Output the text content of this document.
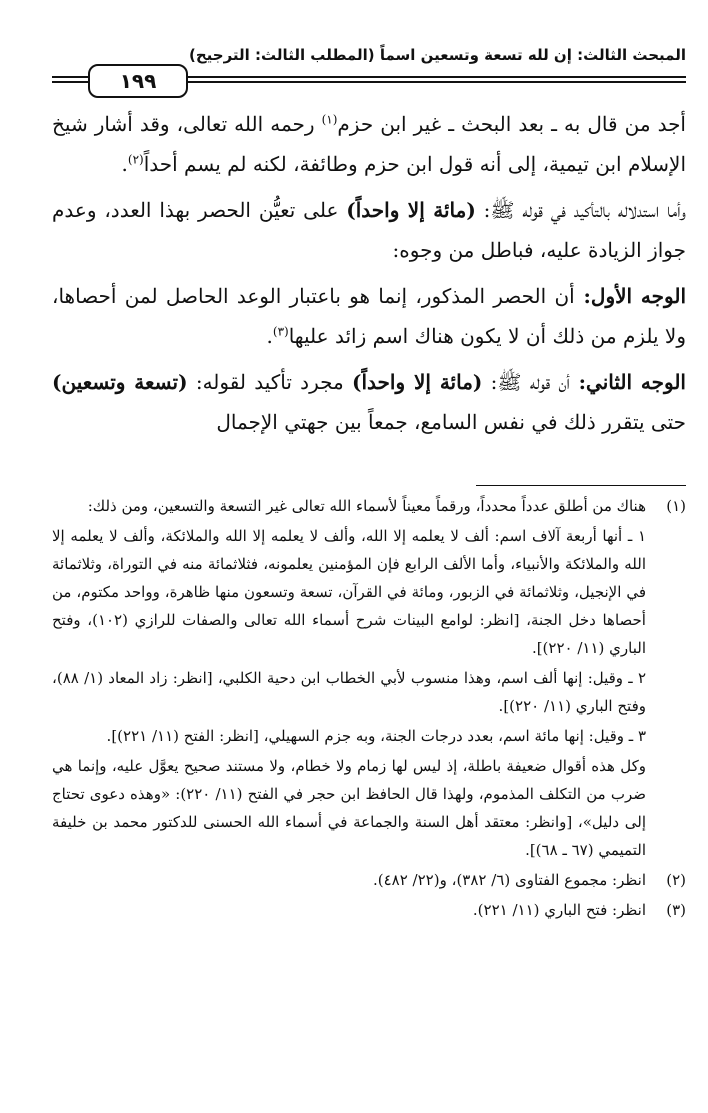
المبحث الثالث: إن لله تسعة وتسعين اسماً (المطلب الثالث: الترجيح)
١٩٩

أجد من قال به ـ بعد البحث ـ غير ابن حزم$^{(١)}$ رحمه الله تعالى، وقد أشار شيخ الإسلام ابن تيمية، إلى أنه قول ابن حزم وطائفة، لكنه لم يسم أحداً$^{(٢)}$.

وأما استدلاله بالتأكيد في قوله ﷺ: (مائة إلا واحداً) على تعيُّن الحصر بهذا العدد، وعدم جواز الزيادة عليه، فباطل من وجوه:

الوجه الأول: أن الحصر المذكور، إنما هو باعتبار الوعد الحاصل لمن أحصاها، ولا يلزم من ذلك أن لا يكون هناك اسم زائد عليها$^{(٣)}$.

الوجه الثاني: أن قوله ﷺ: (مائة إلا واحداً) مجرد تأكيد لقوله: (تسعة وتسعين) حتى يتقرر ذلك في نفس السامع، جمعاً بين جهتي الإجمال

(١)

هناك من أطلق عدداً محدداً، ورقماً معيناً لأسماء الله تعالى غير التسعة والتسعين، ومن ذلك:

١ ـ أنها أربعة آلاف اسم: ألف لا يعلمه إلا الله، وألف لا يعلمه إلا الله والملائكة، وألف لا يعلمه إلا الله والملائكة والأنبياء، وأما الألف الرابع فإن المؤمنين يعلمونه، فثلاثمائة منه في التوراة، وثلاثمائة في الإنجيل، وثلاثمائة في الزبور، ومائة في القرآن، تسعة وتسعون منها ظاهرة، وواحد مكتوم، من أحصاها دخل الجنة، [انظر: لوامع البينات شرح أسماء الله تعالى والصفات للرازي (١٠٢)، وفتح الباري (١١/ ٢٢٠)].

٢ ـ وقيل: إنها ألف اسم، وهذا منسوب لأبي الخطاب ابن دحية الكلبي، [انظر: زاد المعاد (١/ ٨٨)، وفتح الباري (١١/ ٢٢٠)].

٣ ـ وقيل: إنها مائة اسم، بعدد درجات الجنة، وبه جزم السهيلي، [انظر: الفتح (١١/ ٢٢١)].

وكل هذه أقوال ضعيفة باطلة، إذ ليس لها زمام ولا خطام، ولا مستند صحيح يعوَّل عليه، وإنما هي ضرب من التكلف المذموم، ولهذا قال الحافظ ابن حجر في الفتح (١١/ ٢٢٠): «وهذه دعوى تحتاج إلى دليل»، [وانظر: معتقد أهل السنة والجماعة في أسماء الله الحسنى للدكتور محمد بن خليفة التميمي (٦٧ ـ ٦٨)].

(٢)

انظر: مجموع الفتاوى (٦/ ٣٨٢)، و(٢٢/ ٤٨٢).

(٣)

انظر: فتح الباري (١١/ ٢٢١).
